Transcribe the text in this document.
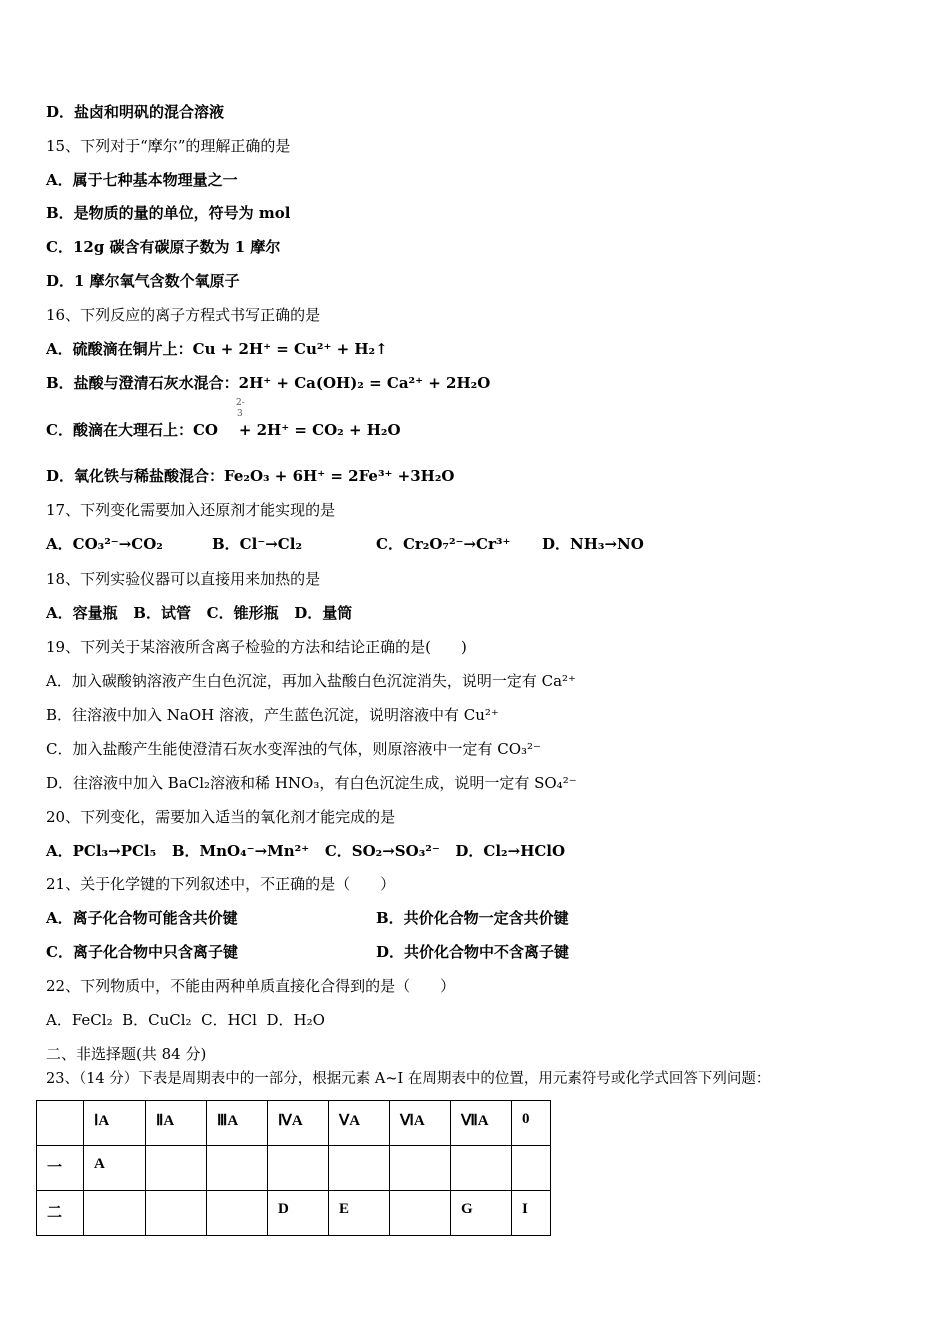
D．盐卤和明矾的混合溶液
15、下列对于“摩尔”的理解正确的是
A．属于七种基本物理量之一
B．是物质的量的单位，符号为 mol
C．12g 碳含有碳原子数为 1 摩尔
D．1 摩尔氧气含数个氧原子
16、下列反应的离子方程式书写正确的是
A．硫酸滴在铜片上：Cu + 2H⁺ = Cu²⁺ + H₂↑
B．盐酸与澄清石灰水混合：2H⁺ + Ca(OH)₂ = Ca²⁺ + 2H₂O
2-
3
C．酸滴在大理石上：CO    + 2H⁺ = CO₂ + H₂O
D．氧化铁与稀盐酸混合：Fe₂O₃ + 6H⁺ = 2Fe³⁺ +3H₂O
17、下列变化需要加入还原剂才能实现的是
A．CO₃²⁻→CO₂	B．Cl⁻→Cl₂	C．Cr₂O₇²⁻→Cr³⁺ D．NH₃→NO
18、下列实验仪器可以直接用来加热的是
A．容量瓶   B．试管   C．锥形瓶   D．量筒
19、下列关于某溶液所含离子检验的方法和结论正确的是(　　)
A．加入碳酸钠溶液产生白色沉淀，再加入盐酸白色沉淀消失，说明一定有 Ca²⁺
B．往溶液中加入 NaOH 溶液，产生蓝色沉淀，说明溶液中有 Cu²⁺
C．加入盐酸产生能使澄清石灰水变浑浊的气体，则原溶液中一定有 CO₃²⁻
D．往溶液中加入 BaCl₂溶液和稀 HNO₃，有白色沉淀生成，说明一定有 SO₄²⁻
20、下列变化，需要加入适当的氧化剂才能完成的是
A．PCl₃→PCl₅   B．MnO₄⁻→Mn²⁺   C．SO₂→SO₃²⁻   D．Cl₂→HClO
21、关于化学键的下列叙述中，不正确的是（　　）
A．离子化合物可能含共价键	B．共价化合物一定含共价键
C．离子化合物中只含离子键	D．共价化合物中不含离子键
22、下列物质中，不能由两种单质直接化合得到的是（　　）
A．FeCl₂  B．CuCl₂  C．HCl  D．H₂O
二、非选择题(共 84 分)
23、（14 分）下表是周期表中的一部分，根据元素 A~I 在周期表中的位置，用元素符号或化学式回答下列问题：
	ⅠA	ⅡA	ⅢA	ⅣA	ⅤA	ⅥA	ⅦA	0
一	A							
二				D	E		G	I
